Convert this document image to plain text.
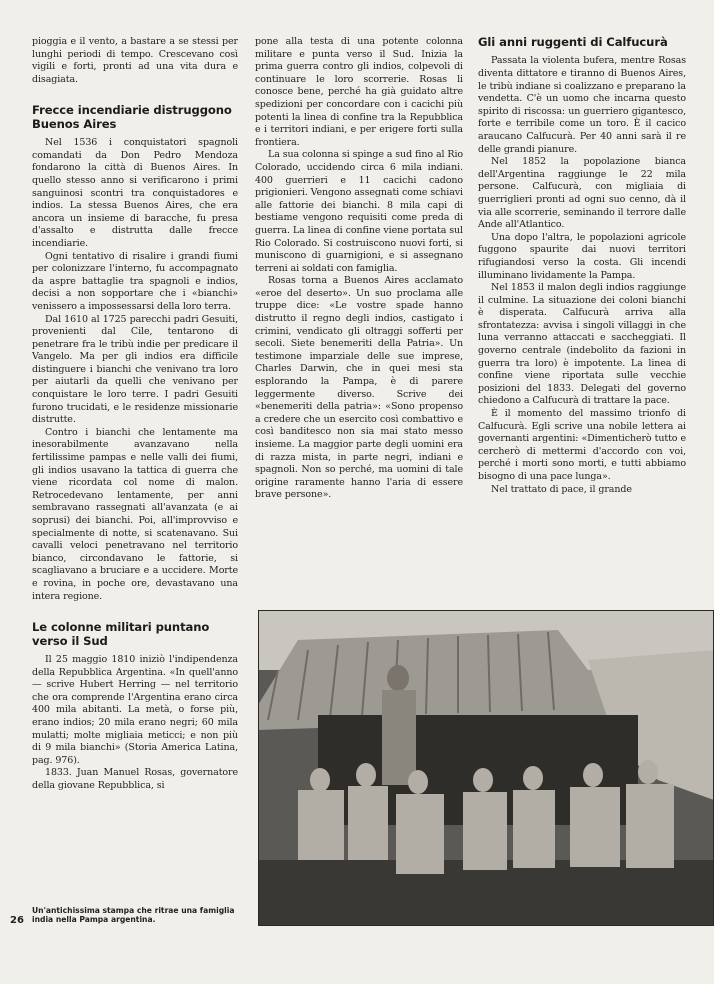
pioggia e il vento, a bastare a se stessi per lunghi periodi di tempo. Crescevano così vigili e forti, pronti ad una vita dura e disagiata.

Frecce incendiarie distruggono Buenos Aires

Nel 1536 i conquistatori spagnoli comandati da Don Pedro Mendoza fondarono la città di Buenos Aires. In quello stesso anno si verificarono i primi sanguinosi scontri tra conquistadores e indios. La stessa Buenos Aires, che era ancora un insieme di baracche, fu presa d'assalto e distrutta dalle frecce incendiarie.

Ogni tentativo di risalire i grandi fiumi per colonizzare l'interno, fu accompagnato da aspre battaglie tra spagnoli e indios, decisi a non sopportare che i «bianchi» venissero a impossessarsi della loro terra.

Dal 1610 al 1725 parecchi padri Gesuiti, provenienti dal Cile, tentarono di penetrare fra le tribù indie per predicare il Vangelo. Ma per gli indios era difficile distinguere i bianchi che venivano tra loro per aiutarli da quelli che venivano per conquistare le loro terre. I padri Gesuiti furono trucidati, e le residenze missionarie distrutte.

Contro i bianchi che lentamente ma inesorabilmente avanzavano nella fertilissime pampas e nelle valli dei fiumi, gli indios usavano la tattica di guerra che viene ricordata col nome di malon. Retrocedevano lentamente, per anni sembravano rassegnati all'avanzata (e ai soprusi) dei bianchi. Poi, all'improvviso e specialmente di notte, si scatenavano. Sui cavalli veloci penetravano nel territorio bianco, circondavano le fattorie, si scagliavano a bruciare e a uccidere. Morte e rovina, in poche ore, devastavano una intera regione.

Le colonne militari puntano verso il Sud

Il 25 maggio 1810 iniziò l'indipendenza della Repubblica Argentina. «In quell'anno — scrive Hubert Herring — nel territorio che ora comprende l'Argentina erano circa 400 mila abitanti. La metà, o forse più, erano indios; 20 mila erano negri; 60 mila mulatti; molte migliaia meticci; e non più di 9 mila bianchi» (Storia America Latina, pag. 976).

1833. Juan Manuel Rosas, governatore della giovane Repubblica, si

pone alla testa di una potente colonna militare e punta verso il Sud. Inizia la prima guerra contro gli indios, colpevoli di continuare le loro scorrerie. Rosas li conosce bene, perché ha già guidato altre spedizioni per concordare con i cacichi più potenti la linea di confine tra la Repubblica e i territori indiani, e per erigere forti sulla frontiera.

La sua colonna si spinge a sud fino al Rio Colorado, uccidendo circa 6 mila indiani. 400 guerrieri e 11 cacichi cadono prigionieri. Vengono assegnati come schiavi alle fattorie dei bianchi. 8 mila capi di bestiame vengono requisiti come preda di guerra. La linea di confine viene portata sul Rio Colorado. Si costruiscono nuovi forti, si muniscono di guarnigioni, e si assegnano terreni ai soldati con famiglia.

Rosas torna a Buenos Aires acclamato «eroe del deserto». Un suo proclama alle truppe dice: «Le vostre spade hanno distrutto il regno degli indios, castigato i crimini, vendicato gli oltraggi sofferti per secoli. Siete benemeriti della Patria». Un testimone imparziale delle sue imprese, Charles Darwin, che in quei mesi sta esplorando la Pampa, è di parere leggermente diverso. Scrive dei «benemeriti della patria»: «Sono propenso a credere che un esercito così combattivo e così banditesco non sia mai stato messo insieme. La maggior parte degli uomini era di razza mista, in parte negri, indiani e spagnoli. Non so perché, ma uomini di tale origine raramente hanno l'aria di essere brave persone».

Gli anni ruggenti di Calfucurà

Passata la violenta bufera, mentre Rosas diventa dittatore e tiranno di Buenos Aires, le tribù indiane si coalizzano e preparano la vendetta. C'è un uomo che incarna questo spirito di riscossa: un guerriero gigantesco, forte e terribile come un toro. È il cacico araucano Calfucurà. Per 40 anni sarà il re delle grandi pianure.

Nel 1852 la popolazione bianca dell'Argentina raggiunge le 22 mila persone. Calfucurà, con migliaia di guerriglieri pronti ad ogni suo cenno, dà il via alle scorrerie, seminando il terrore dalle Ande all'Atlantico.

Una dopo l'altra, le popolazioni agricole fuggono spaurite dai nuovi territori rifugiandosi verso la costa. Gli incendi illuminano lividamente la Pampa.

Nel 1853 il malon degli indios raggiunge il culmine. La situazione dei coloni bianchi è disperata. Calfucurà arriva alla sfrontatezza: avvisa i singoli villaggi in che luna verranno attaccati e saccheggiati. Il governo centrale (indebolito da fazioni in guerra tra loro) è impotente. La linea di confine viene riportata sulle vecchie posizioni del 1833. Delegati del governo chiedono a Calfucurà di trattare la pace.

È il momento del massimo trionfo di Calfucurà. Egli scrive una nobile lettera ai governanti argentini: «Dimenticherò tutto e cercherò di mettermi d'accordo con voi, perché i morti sono morti, e tutti abbiamo bisogno di una pace lunga».

Nel trattato di pace, il grande

26
Un'antichissima stampa che ritrae una famiglia india nella Pampa argentina.
